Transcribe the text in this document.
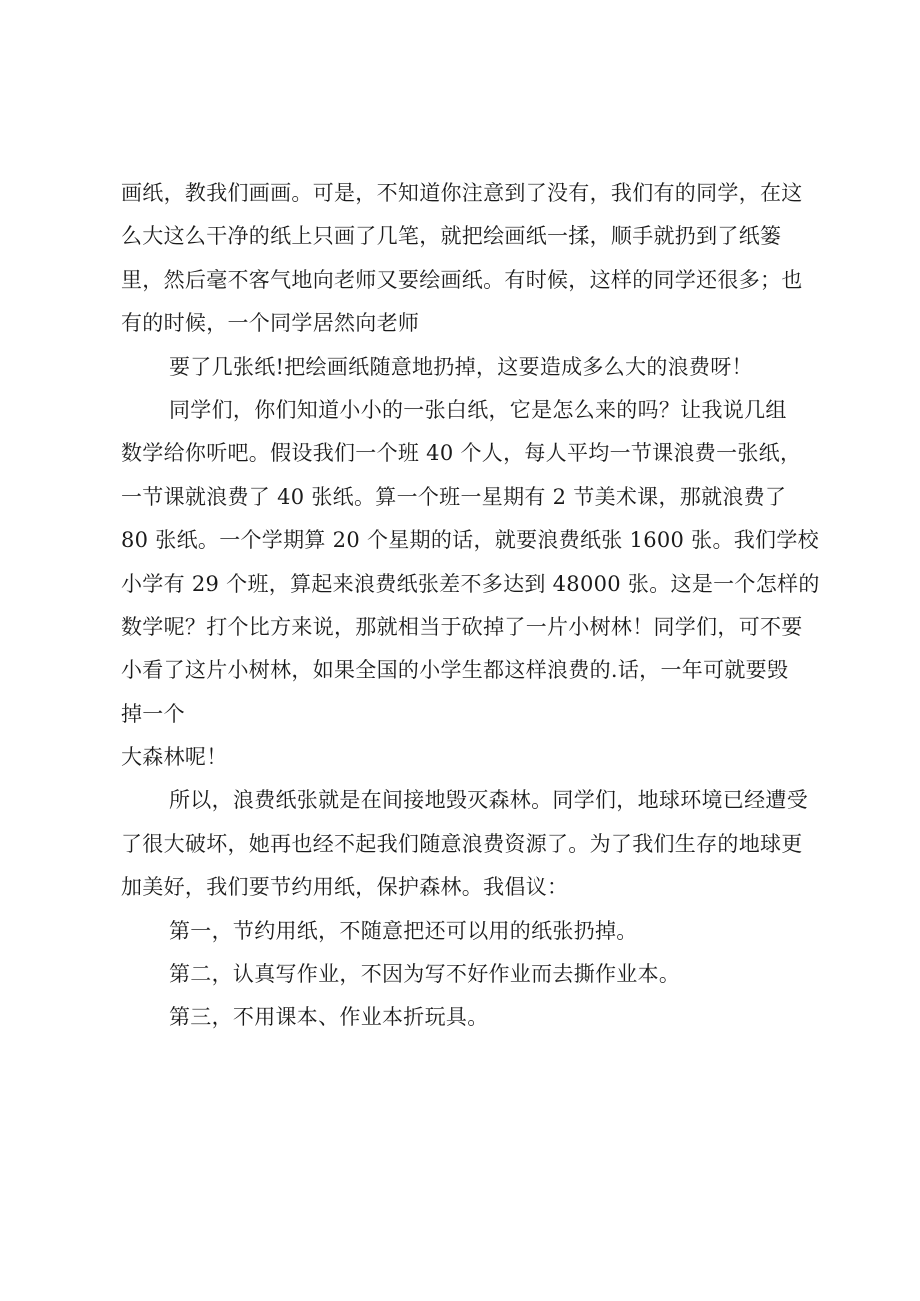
画纸，教我们画画。可是，不知道你注意到了没有，我们有的同学，在这
么大这么干净的纸上只画了几笔，就把绘画纸一揉，顺手就扔到了纸篓
里，然后毫不客气地向老师又要绘画纸。有时候，这样的同学还很多；也
有的时候，一个同学居然向老师
要了几张纸!把绘画纸随意地扔掉，这要造成多么大的浪费呀！
同学们，你们知道小小的一张白纸，它是怎么来的吗？让我说几组
数学给你听吧。假设我们一个班 40 个人，每人平均一节课浪费一张纸，
一节课就浪费了 40 张纸。算一个班一星期有 2 节美术课，那就浪费了
80 张纸。一个学期算 20 个星期的话，就要浪费纸张 1600 张。我们学校
小学有 29 个班，算起来浪费纸张差不多达到 48000 张。这是一个怎样的
数学呢？打个比方来说，那就相当于砍掉了一片小树林！同学们，可不要
小看了这片小树林，如果全国的小学生都这样浪费的.话，一年可就要毁
掉一个
大森林呢！
所以，浪费纸张就是在间接地毁灭森林。同学们，地球环境已经遭受
了很大破坏，她再也经不起我们随意浪费资源了。为了我们生存的地球更
加美好，我们要节约用纸，保护森林。我倡议：
第一，节约用纸，不随意把还可以用的纸张扔掉。
第二，认真写作业，不因为写不好作业而去撕作业本。
第三，不用课本、作业本折玩具。
